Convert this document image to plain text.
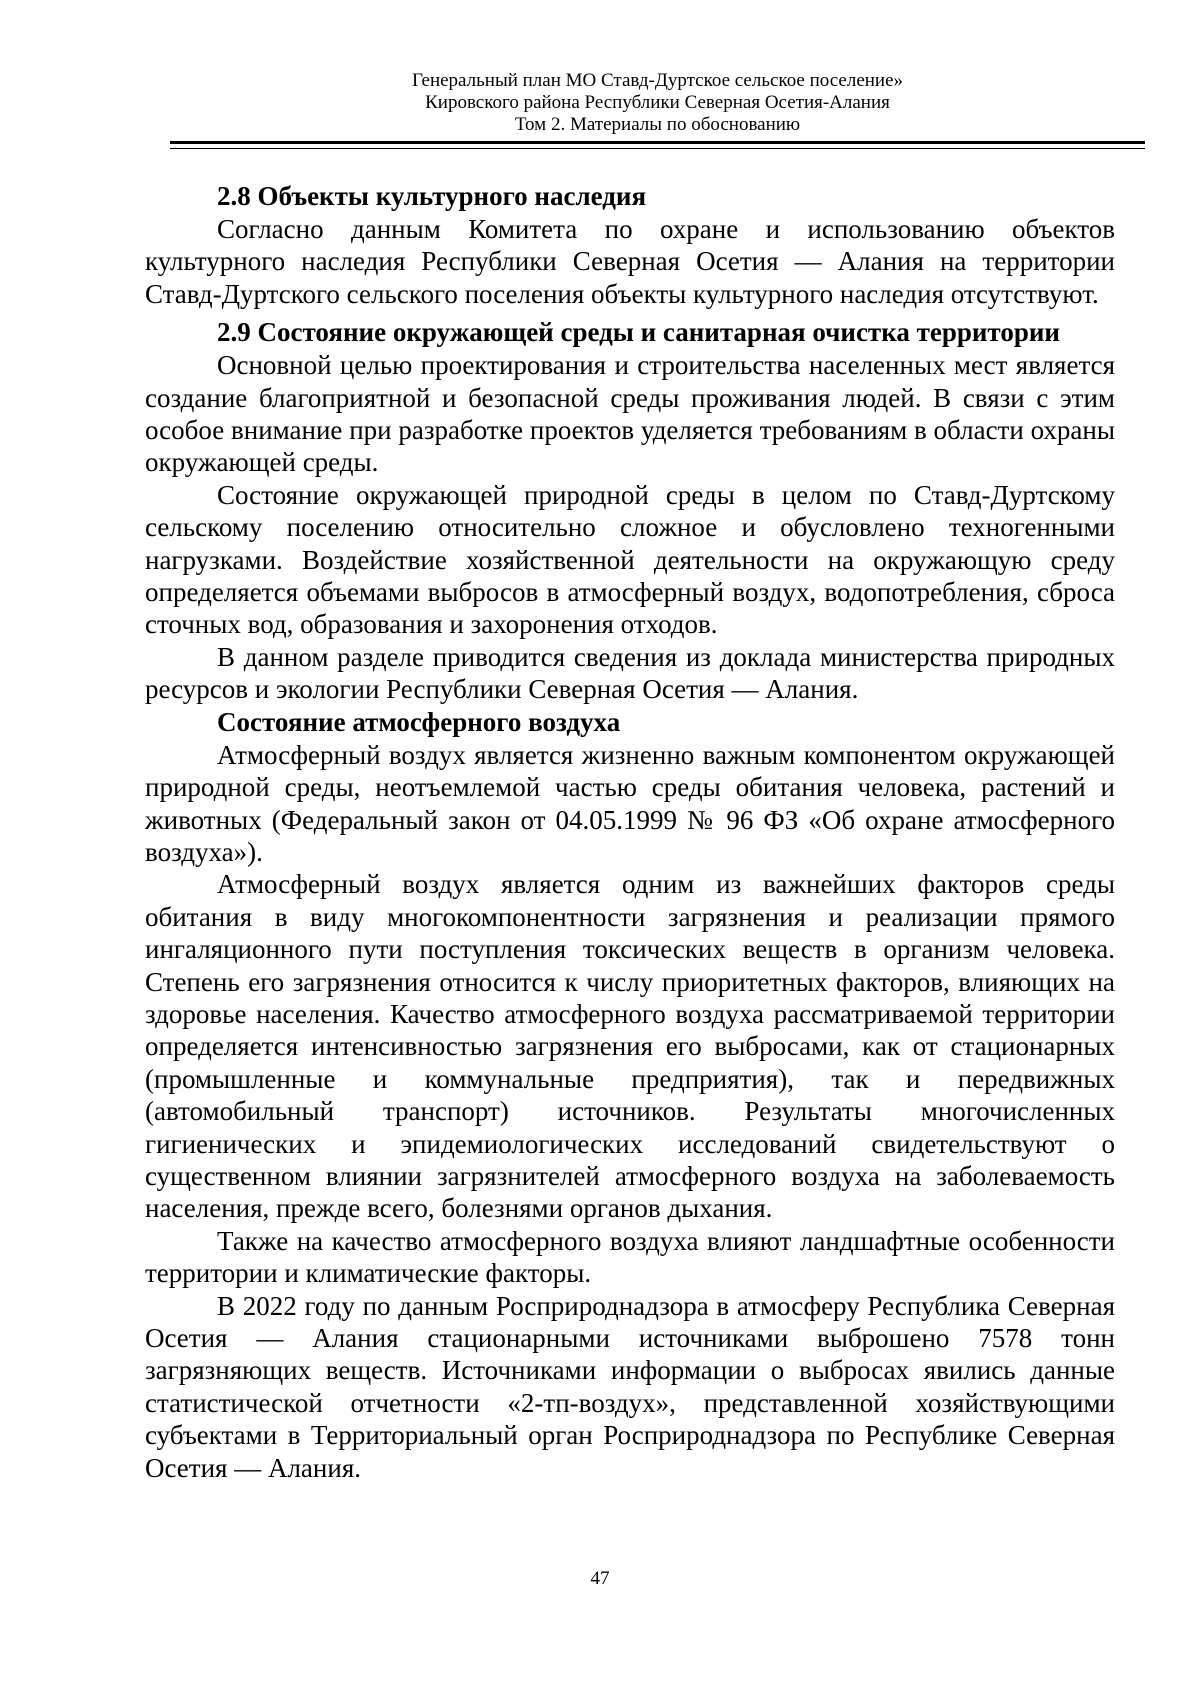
Генеральный план МО Ставд-Дуртское сельское поселение»
Кировского района Республики Северная Осетия-Алания
Том 2. Материалы по обоснованию
2.8 Объекты культурного наследия

Согласно данным Комитета по охране и использованию объектов культурного наследия Республики Северная Осетия — Алания на территории Ставд-Дуртского сельского поселения объекты культурного наследия отсутствуют.

2.9 Состояние окружающей среды и санитарная очистка территории

Основной целью проектирования и строительства населенных мест является создание благоприятной и безопасной среды проживания людей. В связи с этим особое внимание при разработке проектов уделяется требованиям в области охраны окружающей среды.

Состояние окружающей природной среды в целом по Ставд-Дуртскому сельскому поселению относительно сложное и обусловлено техногенными нагрузками. Воздействие хозяйственной деятельности на окружающую среду определяется объемами выбросов в атмосферный воздух, водопотребления, сброса сточных вод, образования и захоронения отходов.

В данном разделе приводится сведения из доклада министерства природных ресурсов и экологии Республики Северная Осетия — Алания.

Состояние атмосферного воздуха

Атмосферный воздух является жизненно важным компонентом окружающей природной среды, неотъемлемой частью среды обитания человека, растений и животных (Федеральный закон от 04.05.1999 № 96 ФЗ «Об охране атмосферного воздуха»).

Атмосферный воздух является одним из важнейших факторов среды обитания в виду многокомпонентности загрязнения и реализации прямого ингаляционного пути поступления токсических веществ в организм человека. Степень его загрязнения относится к числу приоритетных факторов, влияющих на здоровье населения. Качество атмосферного воздуха рассматриваемой территории определяется интенсивностью загрязнения его выбросами, как от стационарных (промышленные и коммунальные предприятия), так и передвижных (автомобильный транспорт) источников. Результаты многочисленных гигиенических и эпидемиологических исследований свидетельствуют о существенном влиянии загрязнителей атмосферного воздуха на заболеваемость населения, прежде всего, болезнями органов дыхания.

Также на качество атмосферного воздуха влияют ландшафтные особенности территории и климатические факторы.

В 2022 году по данным Росприроднадзора в атмосферу Республика Северная Осетия — Алания стационарными источниками выброшено 7578 тонн загрязняющих веществ. Источниками информации о выбросах явились данные статистической отчетности «2-тп-воздух», представленной хозяйствующими субъектами в Территориальный орган Росприроднадзора по Республике Северная Осетия — Алания.

47
